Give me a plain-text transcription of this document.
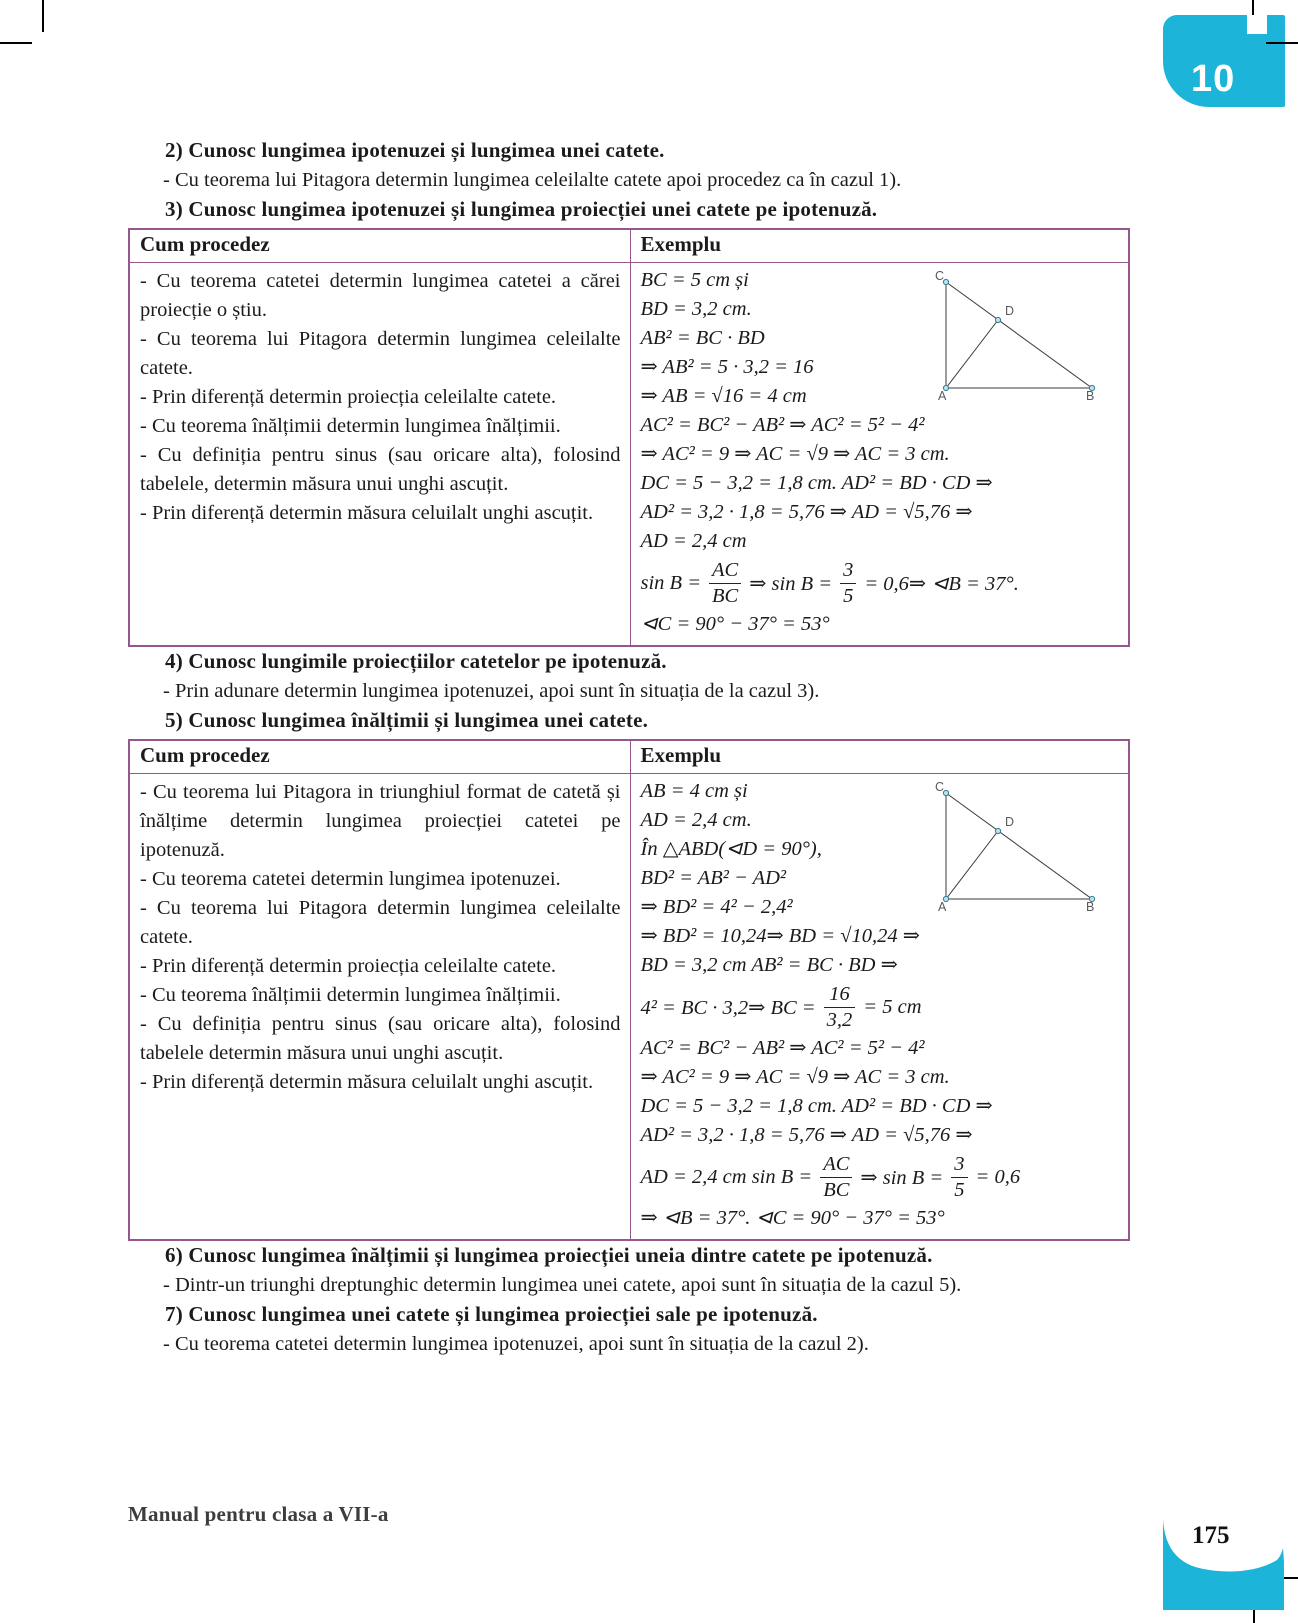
10
2) Cunosc lungimea ipotenuzei și lungimea unei catete.

- Cu teorema lui Pitagora determin lungimea celeilalte catete apoi procedez ca în cazul 1).

3) Cunosc lungimea ipotenuzei și lungimea proiecției unei catete pe ipotenuză.
Cum procedez	Exemplu

- Cu teorema catetei determin lungimea catetei a cărei proiecție o știu.

- Cu teorema lui Pitagora determin lungimea celeilalte catete.

- Prin diferență determin proiecția celeilalte catete.

- Cu teorema înălțimii determin lungimea înălțimii.

- Cu definiția pentru sinus (sau oricare alta), folosind tabelele, determin măsura unui unghi ascuțit.

- Prin diferență determin măsura celuilalt unghi ascuțit.

C
D
A	B
BC = 5 cm și
BD = 3,2 cm.
AB² = BC · BD
⇒ AB² = 5 · 3,2 = 16
⇒ AB = √16 = 4 cm
AC² = BC² − AB² ⇒ AC² = 5² − 4²
⇒ AC² = 9 ⇒ AC = √9 ⇒ AC = 3 cm.
DC = 5 − 3,2 = 1,8 cm. AD² = BD · CD ⇒
AD² = 3,2 · 1,8 = 5,76 ⇒ AD = √5,76 ⇒
AD = 2,4 cm
$\sin B = \frac{AC}{BC}$ ⇒ $\sin B = \frac{3}{5}$ = 0,6⇒ ⊲B = 37°.
⊲C = 90° − 37° = 53°
4) Cunosc lungimile proiecțiilor catetelor pe ipotenuză.

- Prin adunare determin lungimea ipotenuzei, apoi sunt în situația de la cazul 3).

5) Cunosc lungimea înălțimii și lungimea unei catete.
Cum procedez	Exemplu

- Cu teorema lui Pitagora in triunghiul format de catetă și înălțime determin lungimea proiecției catetei pe ipotenuză.

- Cu teorema catetei determin lungimea ipotenuzei.

- Cu teorema lui Pitagora determin lungimea celeilalte catete.

- Prin diferență determin proiecția celeilalte catete.

- Cu teorema înălțimii determin lungimea înălțimii.

- Cu definiția pentru sinus (sau oricare alta), folosind tabelele determin măsura unui unghi ascuțit.

- Prin diferență determin măsura celuilalt unghi ascuțit.

C
D
A	B
AB = 4 cm și
AD = 2,4 cm.
În △ABD(⊲D = 90°),
BD² = AB² − AD²
⇒ BD² = 4² − 2,4²
⇒ BD² = 10,24⇒ BD = √10,24 ⇒
BD = 3,2 cm AB² = BC · BD ⇒
4² = BC · 3,2⇒ BC = $\frac{16}{3,2} = 5$ cm
AC² = BC² − AB² ⇒ AC² = 5² − 4²
⇒ AC² = 9 ⇒ AC = √9 ⇒ AC = 3 cm.
DC = 5 − 3,2 = 1,8 cm. AD² = BD · CD ⇒
AD² = 3,2 · 1,8 = 5,76 ⇒ AD = √5,76 ⇒
AD = 2,4 cm $\sin B = \frac{AC}{BC}$ ⇒ $\sin B = \frac{3}{5} = 0,6$
⇒ ⊲B = 37°. ⊲C = 90° − 37° = 53°
6) Cunosc lungimea înălțimii și lungimea proiecției uneia dintre catete pe ipotenuză.

- Dintr-un triunghi dreptunghic determin lungimea unei catete, apoi sunt în situația de la cazul 5).

7) Cunosc lungimea unei catete și lungimea proiecției sale pe ipotenuză.

- Cu teorema catetei determin lungimea ipotenuzei, apoi sunt în situația de la cazul 2).

Manual pentru clasa a VII-a
175
